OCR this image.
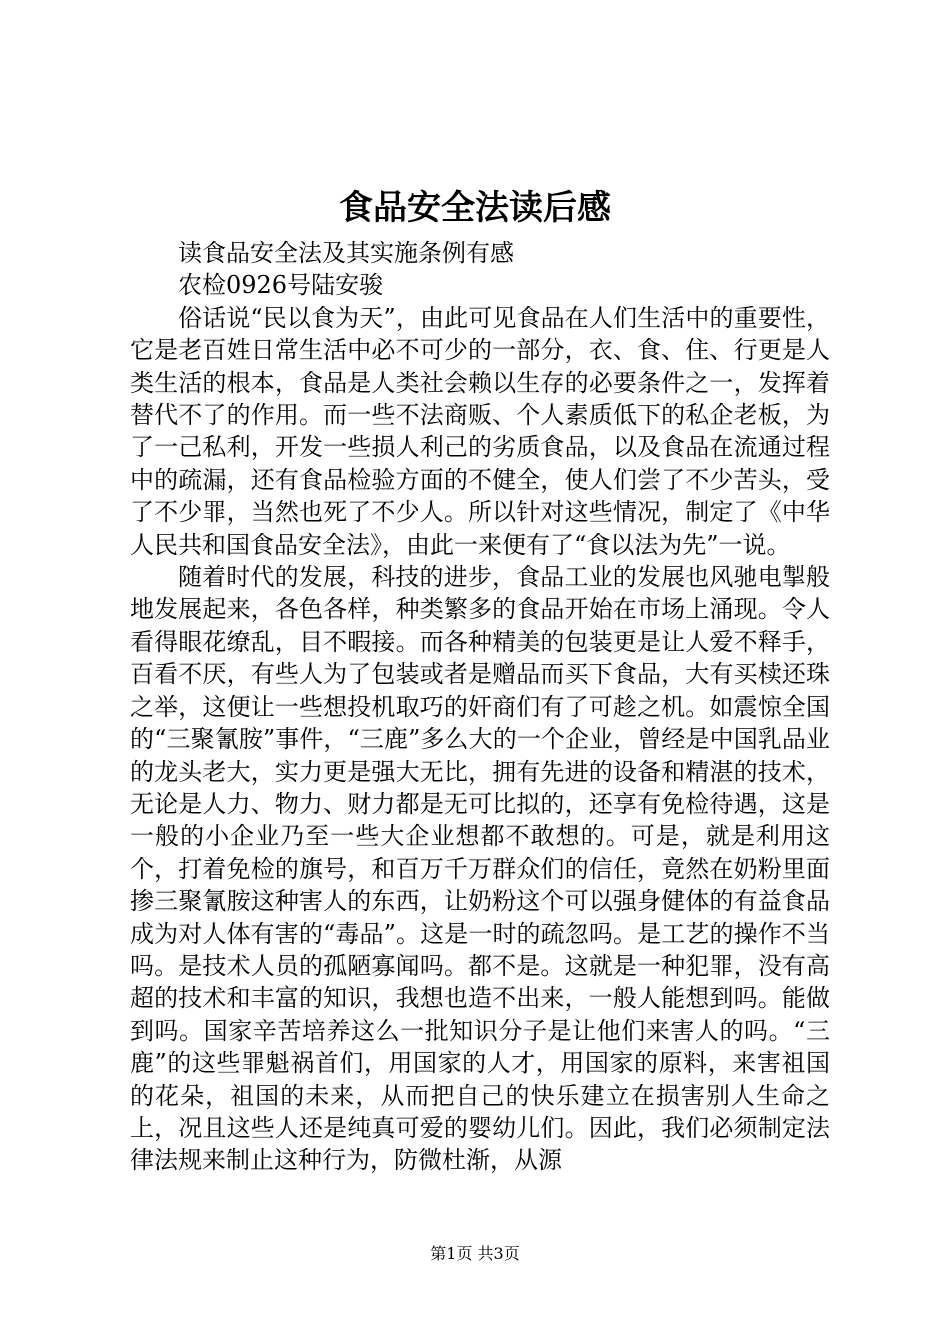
食品安全法读后感

读食品安全法及其实施条例有感

农检0926号陆安骏

俗话说“民以食为天”，由此可见食品在人们生活中的重要性，它是老百姓日常生活中必不可少的一部分，衣、食、住、行更是人类生活的根本，食品是人类社会赖以生存的必要条件之一，发挥着替代不了的作用。而一些不法商贩、个人素质低下的私企老板，为了一己私利，开发一些损人利己的劣质食品，以及食品在流通过程中的疏漏，还有食品检验方面的不健全，使人们尝了不少苦头，受了不少罪，当然也死了不少人。所以针对这些情况，制定了《中华人民共和国食品安全法》，由此一来便有了“食以法为先”一说。

随着时代的发展，科技的进步，食品工业的发展也风驰电掣般地发展起来，各色各样，种类繁多的食品开始在市场上涌现。令人看得眼花缭乱，目不暇接。而各种精美的包装更是让人爱不释手，百看不厌，有些人为了包装或者是赠品而买下食品，大有买椟还珠之举，这便让一些想投机取巧的奸商们有了可趁之机。如震惊全国的“三聚氰胺”事件，“三鹿”多么大的一个企业，曾经是中国乳品业的龙头老大，实力更是强大无比，拥有先进的设备和精湛的技术，无论是人力、物力、财力都是无可比拟的，还享有免检待遇，这是一般的小企业乃至一些大企业想都不敢想的。可是，就是利用这个，打着免检的旗号，和百万千万群众们的信任，竟然在奶粉里面掺三聚氰胺这种害人的东西，让奶粉这个可以强身健体的有益食品成为对人体有害的“毒品”。这是一时的疏忽吗。是工艺的操作不当吗。是技术人员的孤陋寡闻吗。都不是。这就是一种犯罪，没有高超的技术和丰富的知识，我想也造不出来，一般人能想到吗。能做到吗。国家辛苦培养这么一批知识分子是让他们来害人的吗。“三鹿”的这些罪魁祸首们，用国家的人才，用国家的原料，来害祖国的花朵，祖国的未来，从而把自己的快乐建立在损害别人生命之上，况且这些人还是纯真可爱的婴幼儿们。因此，我们必须制定法律法规来制止这种行为，防微杜渐，从源

第1页 共3页
